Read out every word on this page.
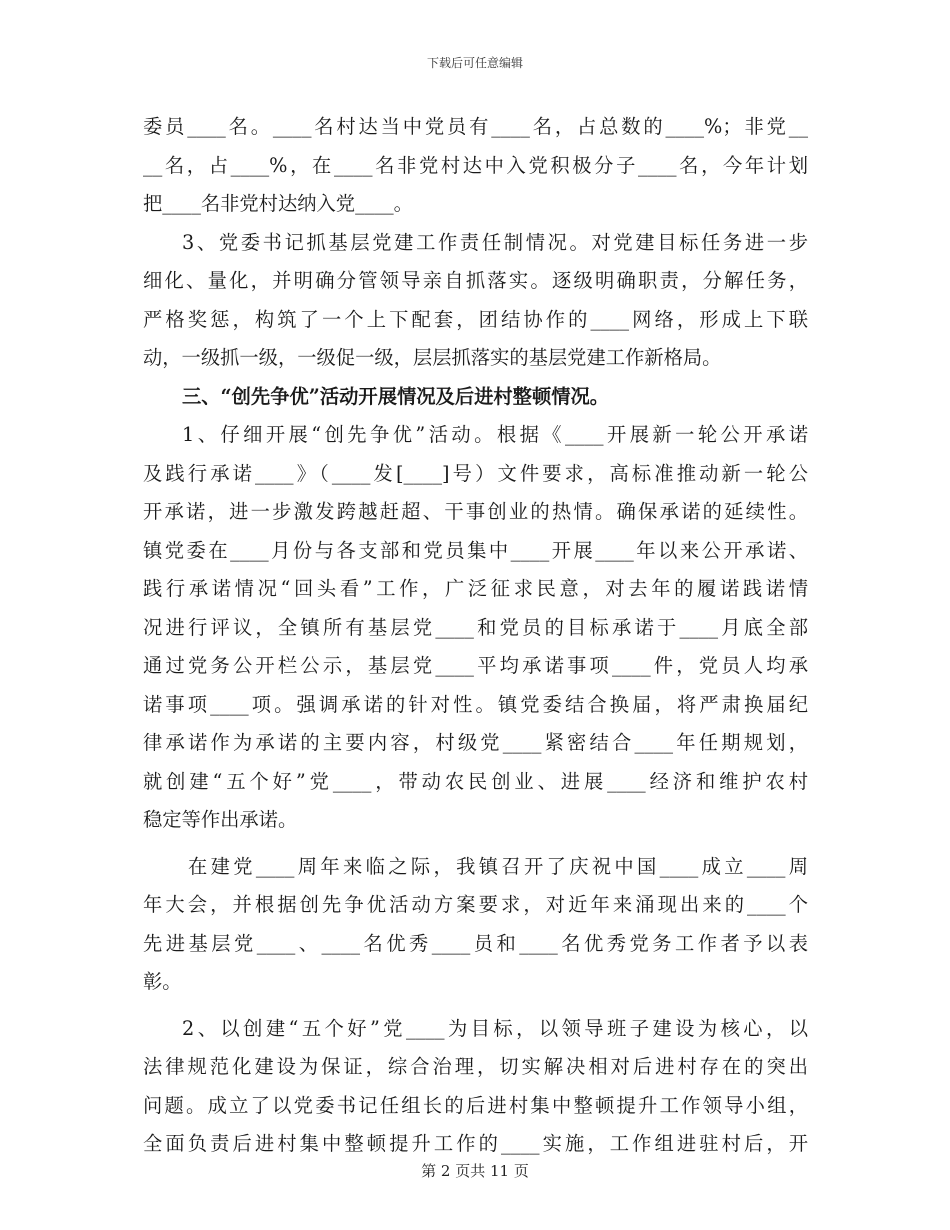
下载后可任意编辑
委员____名。____名村达当中党员有____名，占总数的____%；非党__
__名，占____%，在____名非党村达中入党积极分子____名，今年计划
把____名非党村达纳入党____。
3、党委书记抓基层党建工作责任制情况。对党建目标任务进一步
细化、量化，并明确分管领导亲自抓落实。逐级明确职责，分解任务，
严格奖惩，构筑了一个上下配套，团结协作的____网络，形成上下联
动，一级抓一级，一级促一级，层层抓落实的基层党建工作新格局。
三、“创先争优”活动开展情况及后进村整顿情况。
1、仔细开展“创先争优”活动。根据《____开展新一轮公开承诺
及践行承诺____》（____发[____]号）文件要求，高标准推动新一轮公
开承诺，进一步激发跨越赶超、干事创业的热情。确保承诺的延续性。
镇党委在____月份与各支部和党员集中____开展____年以来公开承诺、
践行承诺情况“回头看”工作，广泛征求民意，对去年的履诺践诺情
况进行评议，全镇所有基层党____和党员的目标承诺于____月底全部
通过党务公开栏公示，基层党____平均承诺事项____件，党员人均承
诺事项____项。强调承诺的针对性。镇党委结合换届，将严肃换届纪
律承诺作为承诺的主要内容，村级党____紧密结合____年任期规划，
就创建“五个好”党____，带动农民创业、进展____经济和维护农村
稳定等作出承诺。
在建党____周年来临之际，我镇召开了庆祝中国____成立____周
年大会，并根据创先争优活动方案要求，对近年来涌现出来的____个
先进基层党____、____名优秀____员和____名优秀党务工作者予以表
彰。
2、以创建“五个好”党____为目标，以领导班子建设为核心，以
法律规范化建设为保证，综合治理，切实解决相对后进村存在的突出
问题。成立了以党委书记任组长的后进村集中整顿提升工作领导小组，
全面负责后进村集中整顿提升工作的____实施，工作组进驻村后，开
第 2 页共 11 页
